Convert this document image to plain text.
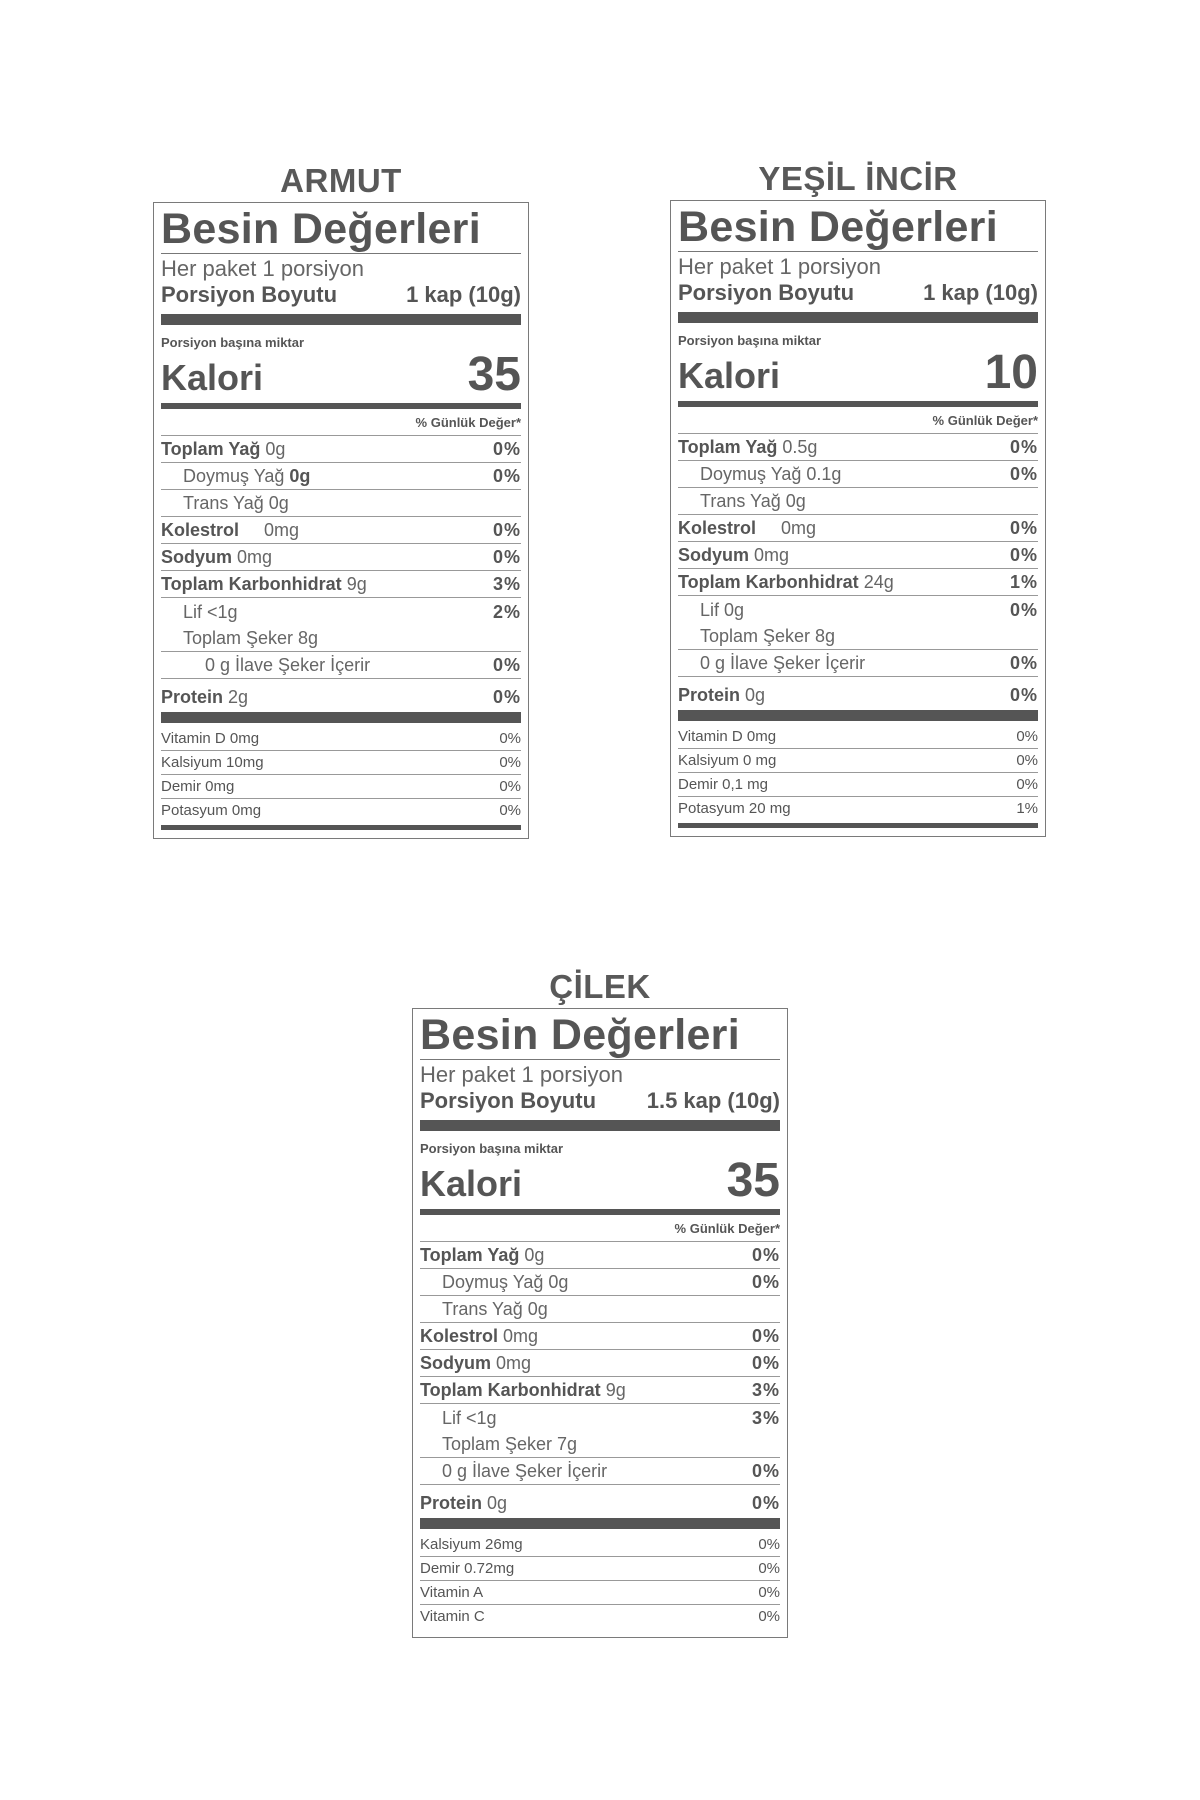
ARMUT
Besin Değerleri
Her paket 1 porsiyon
Porsiyon Boyutu	1 kap (10g)
Porsiyon başına miktar
Kalori	35
% Günlük Değer*
Toplam Yağ 0g	0%
Doymuş Yağ 0g	0%
Trans Yağ 0g
Kolestrol 0mg	0%
Sodyum 0mg	0%
Toplam Karbonhidrat 9g	3%
Lif <1g	2%
Toplam Şeker 8g
0 g İlave Şeker İçerir	0%
Protein 2g	0%
Vitamin D 0mg	0%
Kalsiyum 10mg	0%
Demir 0mg	0%
Potasyum 0mg	0%
YEŞİL İNCİR
Besin Değerleri
Her paket 1 porsiyon
Porsiyon Boyutu	1 kap (10g)
Porsiyon başına miktar
Kalori	10
% Günlük Değer*
Toplam Yağ 0.5g	0%
Doymuş Yağ 0.1g	0%
Trans Yağ 0g
Kolestrol 0mg	0%
Sodyum 0mg	0%
Toplam Karbonhidrat 24g	1%
Lif 0g	0%
Toplam Şeker 8g
0 g İlave Şeker İçerir	0%
Protein 0g	0%
Vitamin D 0mg	0%
Kalsiyum 0 mg	0%
Demir 0,1 mg	0%
Potasyum 20 mg	1%
ÇİLEK
Besin Değerleri
Her paket 1 porsiyon
Porsiyon Boyutu 1.5 kap (10g)
Porsiyon başına miktar
Kalori	35
% Günlük Değer*
Toplam Yağ 0g	0%
Doymuş Yağ 0g	0%
Trans Yağ 0g
Kolestrol 0mg	0%
Sodyum 0mg	0%
Toplam Karbonhidrat 9g	3%
Lif <1g	3%
Toplam Şeker 7g
0 g İlave Şeker İçerir	0%
Protein 0g	0%
Kalsiyum 26mg	0%
Demir 0.72mg	0%
Vitamin A	0%
Vitamin C	0%
